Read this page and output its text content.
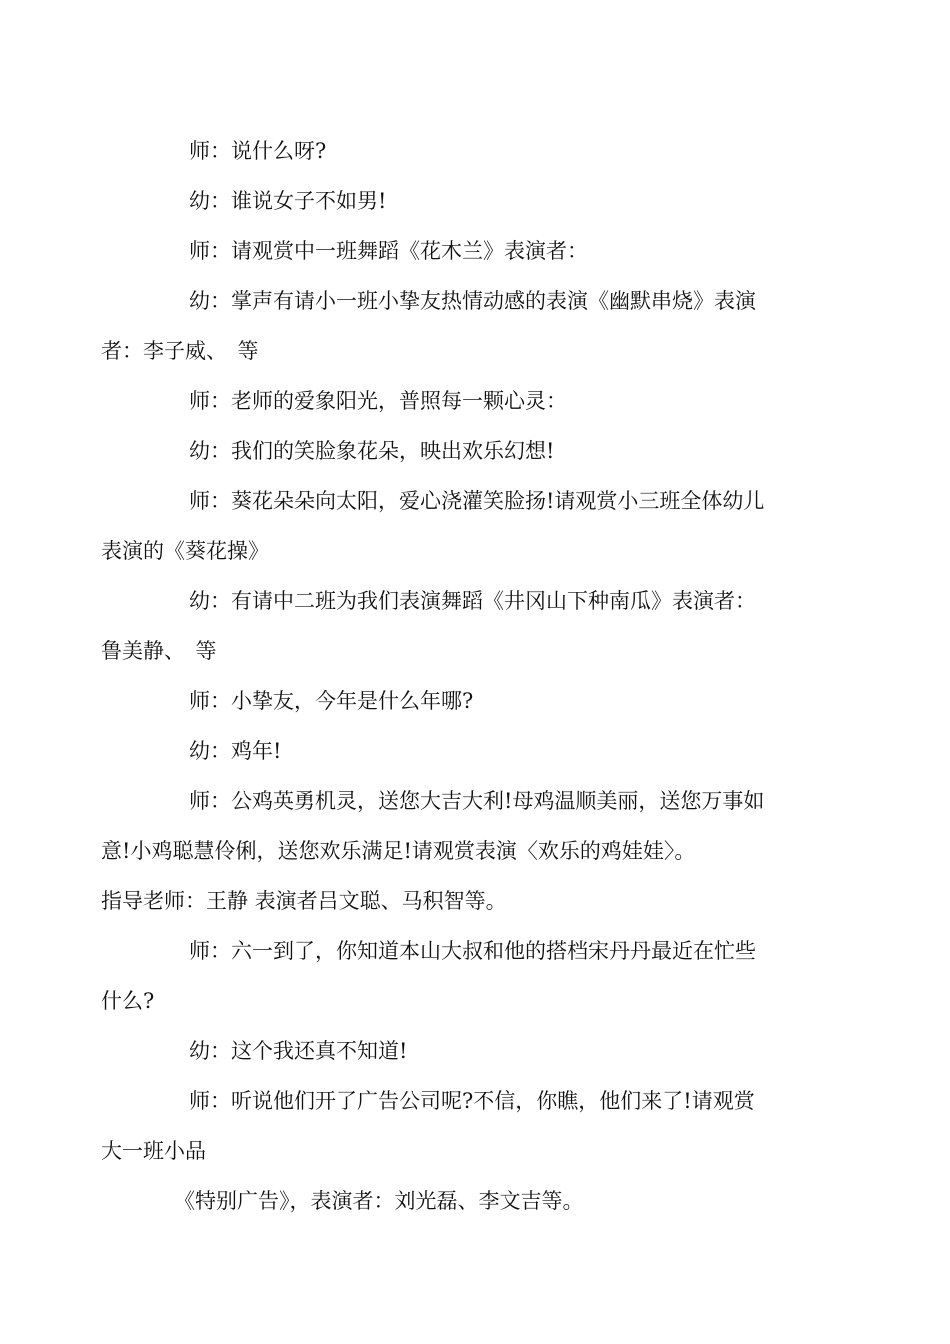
师：说什么呀?

幼：谁说女子不如男!

师：请观赏中一班舞蹈《花木兰》表演者：

幼：掌声有请小一班小挚友热情动感的表演《幽默串烧》表演
者：李子威、　等

师：老师的爱象阳光，普照每一颗心灵：

幼：我们的笑脸象花朵，映出欢乐幻想!

师：葵花朵朵向太阳，爱心浇灌笑脸扬!请观赏小三班全体幼儿
表演的《葵花操》

幼：有请中二班为我们表演舞蹈《井冈山下种南瓜》表演者：
鲁美静、　等

师：小挚友，今年是什么年哪?

幼：鸡年!

师：公鸡英勇机灵，送您大吉大利!母鸡温顺美丽，送您万事如
意!小鸡聪慧伶俐，送您欢乐满足!请观赏表演〈欢乐的鸡娃娃〉。
指导老师：王静 表演者吕文聪、马积智等。

师：六一到了，你知道本山大叔和他的搭档宋丹丹最近在忙些
什么?

幼：这个我还真不知道!

师：听说他们开了广告公司呢?不信，你瞧，他们来了!请观赏
大一班小品

《特别广告》，表演者：刘光磊、李文吉等。
